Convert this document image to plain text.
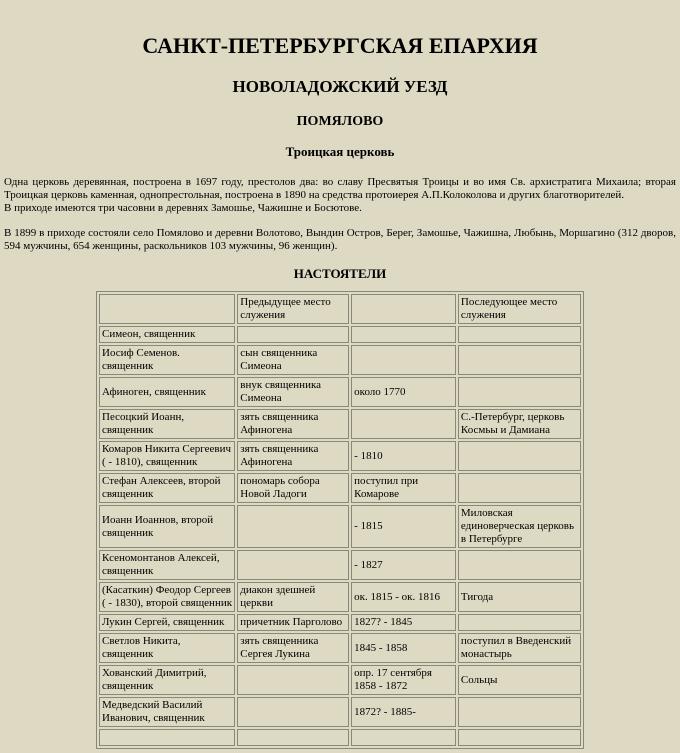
САНКТ-ПЕТЕРБУРГСКАЯ ЕПАРХИЯ
НОВОЛАДОЖСКИЙ УЕЗД
ПОМЯЛОВО
Троицкая церковь

Одна церковь деревянная, построена в 1697 году, престолов два: во славу Пресвятыя Троицы и во имя Св. архистратига Михаила; вторая Троицкая церковь каменная, однопрестольная, построена в 1890 на средства протоиерея А.П.Колоколова и других благотворителей.
В приходе имеются три часовни в деревнях Замошье, Чажишне и Босютове.

В 1899 в приходе состояли село Помялово и деревни Волотово, Вындин Остров, Берег, Замошье, Чажишна, Любынь, Моршагино (312 дворов, 594 мужчины, 654 женщины, раскольников 103 мужчины, 96 женщин).

НАСТОЯТЕЛИ
	Предыдущее место служения		Последующее место служения
Симеон, священник			
Иосиф Семенов. священник	сын священника Симеона		
Афиноген, священник	внук священника Симеона	около 1770	
Песоцкий Иоанн, священник	зять священника Афиногена		С.-Петербург, церковь Космьы и Дамиана
Комаров Никита Сергеевич ( - 1810), священник	зять священника Афиногена	- 1810	
Стефан Алексеев, второй священник	пономарь собора Новой Ладоги	поступил при Комарове	
Иоанн Иоаннов, второй священник		- 1815	Миловская единоверческая церковь в Петербурге
Ксеномонтанов Алексей, священник		- 1827	
(Касаткин) Феодор Сергеев ( - 1830), второй священник	диакон здешней церкви	ок. 1815 - ок. 1816	Тигода
Лукин Сергей, священник	причетник Парголово	1827? - 1845	
Светлов Никита, священник	зять священника Сергея Лукина	1845 - 1858	поступил в Введенский монастырь
Хованский Димитрий, священник		опр. 17 сентября 1858 - 1872	Сольцы
Медведский Василий Иванович, священник		1872? - 1885-	
